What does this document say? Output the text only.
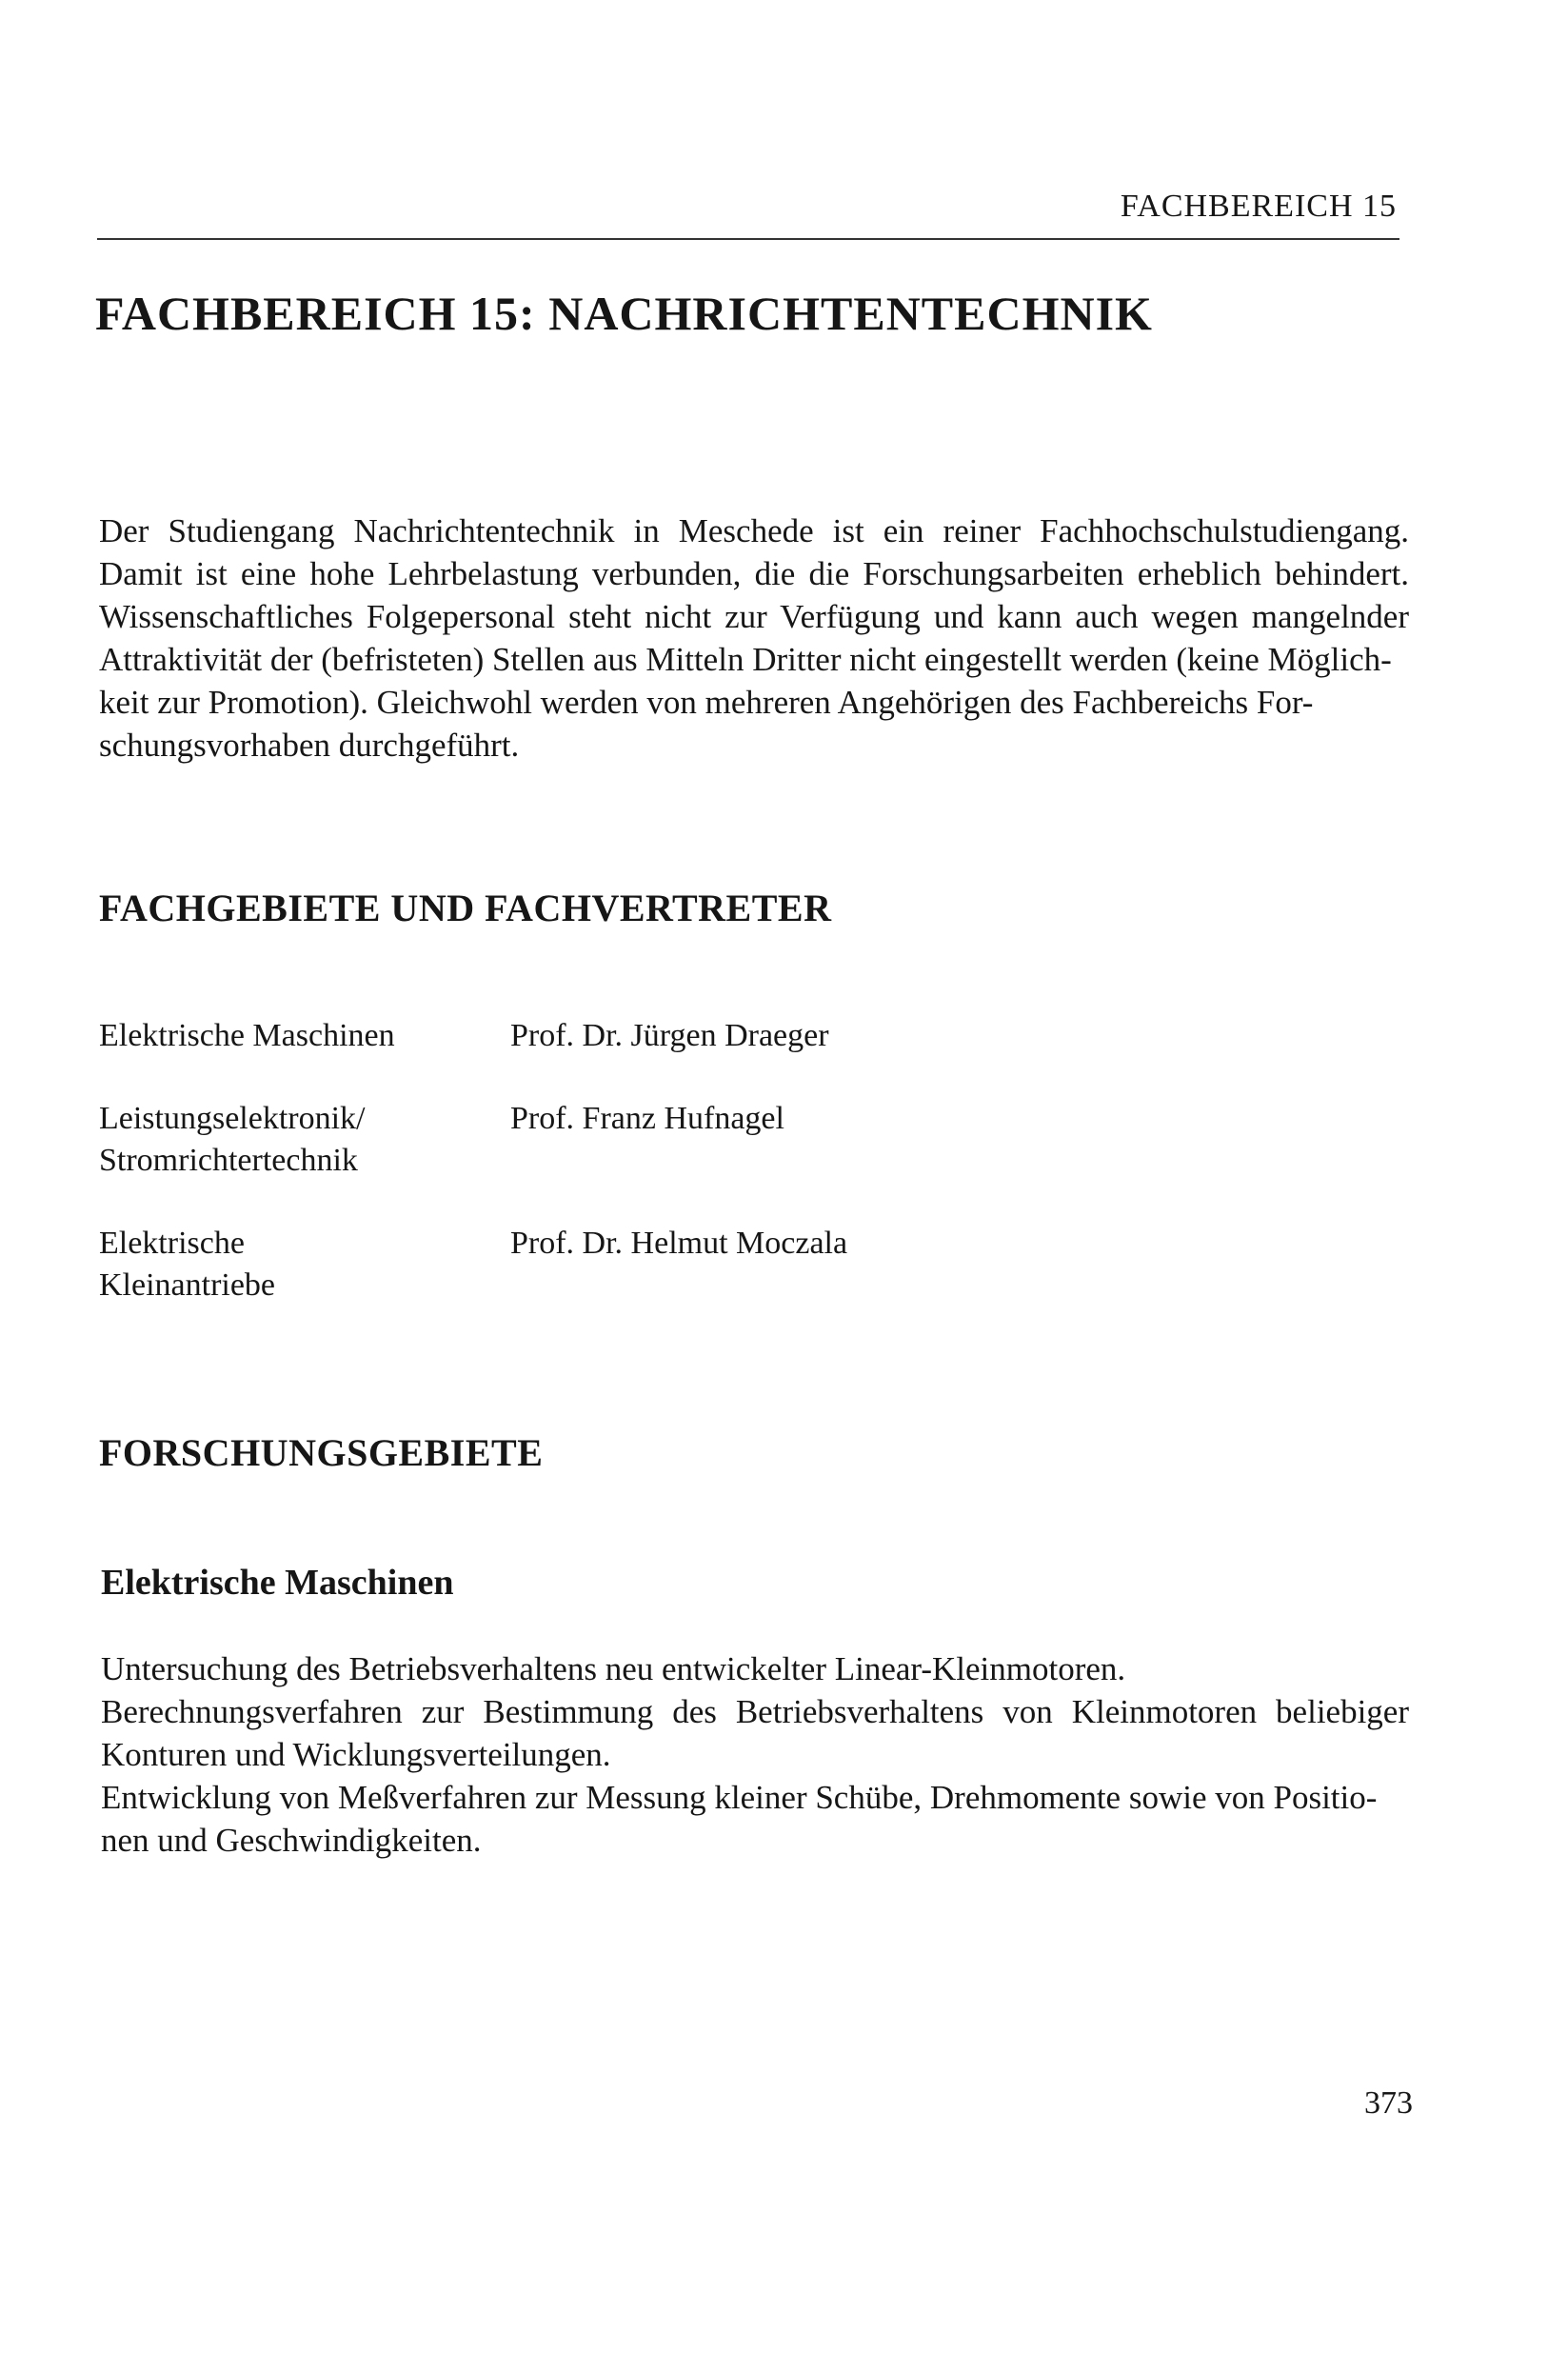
FACHBEREICH 15
FACHBEREICH 15: NACHRICHTENTECHNIK

Der Studiengang Nachrichtentechnik in Meschede ist ein reiner Fachhochschulstudiengang. Damit ist eine hohe Lehrbelastung verbunden, die die Forschungsarbeiten erheblich behindert. Wissenschaftliches Folgepersonal steht nicht zur Verfügung und kann auch wegen mangelnder Attraktivität der (befristeten) Stellen aus Mitteln Dritter nicht eingestellt werden (keine Möglich-
keit zur Promotion). Gleichwohl werden von mehreren Angehörigen des Fachbereichs For-
schungsvorhaben durchgeführt.

FACHGEBIETE UND FACHVERTRETER
Elektrische Maschinen	Prof. Dr. Jürgen Draeger
Leistungselektronik/
Stromrichtertechnik
Prof. Franz Hufnagel
Elektrische
Kleinantriebe
Prof. Dr. Helmut Moczala
FORSCHUNGSGEBIETE
Elektrische Maschinen

Untersuchung des Betriebsverhaltens neu entwickelter Linear-Kleinmotoren.
Berechnungsverfahren zur Bestimmung des Betriebsverhaltens von Kleinmotoren beliebiger Konturen und Wicklungsverteilungen.
Entwicklung von Meßverfahren zur Messung kleiner Schübe, Drehmomente sowie von Positio-
nen und Geschwindigkeiten.

373
